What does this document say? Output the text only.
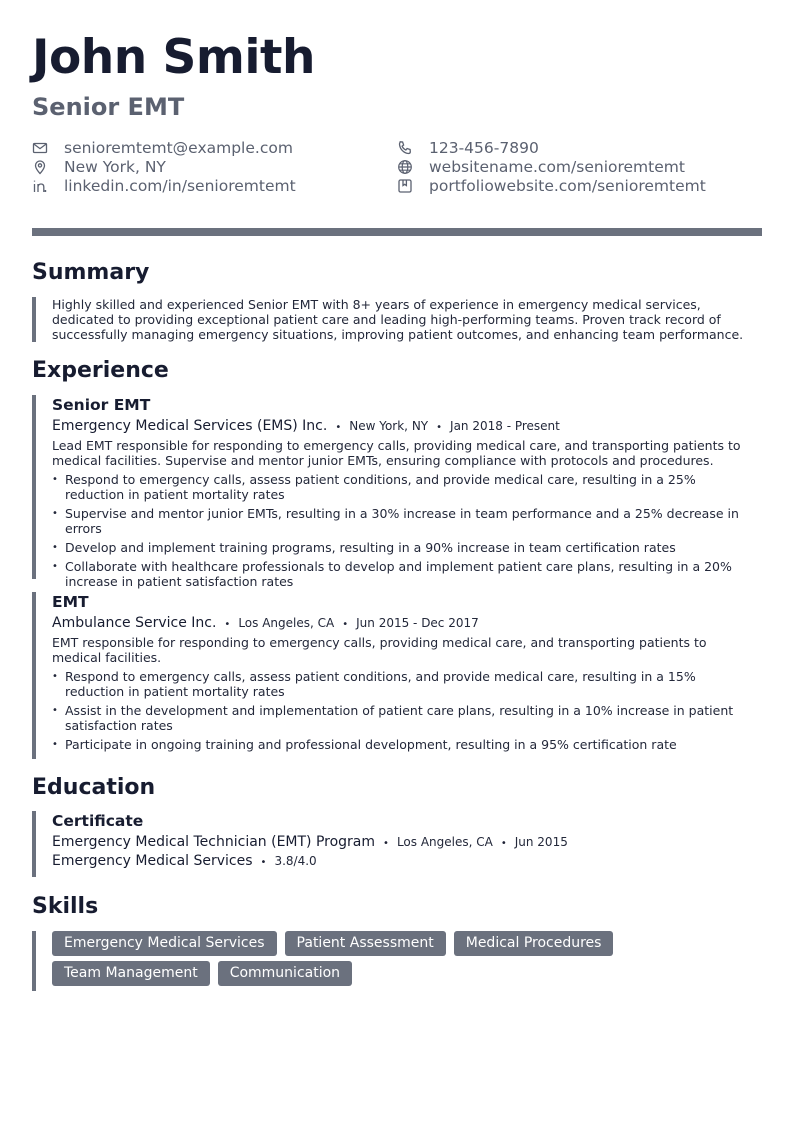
John Smith
Senior EMT
senioremtemt@example.com	123-456-7890
New York, NY	websitename.com/senioremtemt
linkedin.com/in/senioremtemt	portfoliowebsite.com/senioremtemt
Summary

Highly skilled and experienced Senior EMT with 8+ years of experience in emergency medical services, dedicated to providing exceptional patient care and leading high-performing teams. Proven track record of successfully managing emergency situations, improving patient outcomes, and enhancing team performance.

Experience
Senior EMT
Emergency Medical Services (EMS) Inc. • New York, NY • Jan 2018 - Present

Lead EMT responsible for responding to emergency calls, providing medical care, and transporting patients to medical facilities. Supervise and mentor junior EMTs, ensuring compliance with protocols and procedures.

• Respond to emergency calls, assess patient conditions, and provide medical care, resulting in a 25% reduction in patient mortality rates
• Supervise and mentor junior EMTs, resulting in a 30% increase in team performance and a 25% decrease in errors
• Develop and implement training programs, resulting in a 90% increase in team certification rates
• Collaborate with healthcare professionals to develop and implement patient care plans, resulting in a 20% increase in patient satisfaction rates
EMT
Ambulance Service Inc. • Los Angeles, CA • Jun 2015 - Dec 2017

EMT responsible for responding to emergency calls, providing medical care, and transporting patients to medical facilities.

• Respond to emergency calls, assess patient conditions, and provide medical care, resulting in a 15% reduction in patient mortality rates
• Assist in the development and implementation of patient care plans, resulting in a 10% increase in patient satisfaction rates
• Participate in ongoing training and professional development, resulting in a 95% certification rate
Education
Certificate
Emergency Medical Technician (EMT) Program • Los Angeles, CA • Jun 2015
Emergency Medical Services • 3.8/4.0
Skills
Emergency Medical Services	Patient Assessment	Medical Procedures
Team Management	Communication
